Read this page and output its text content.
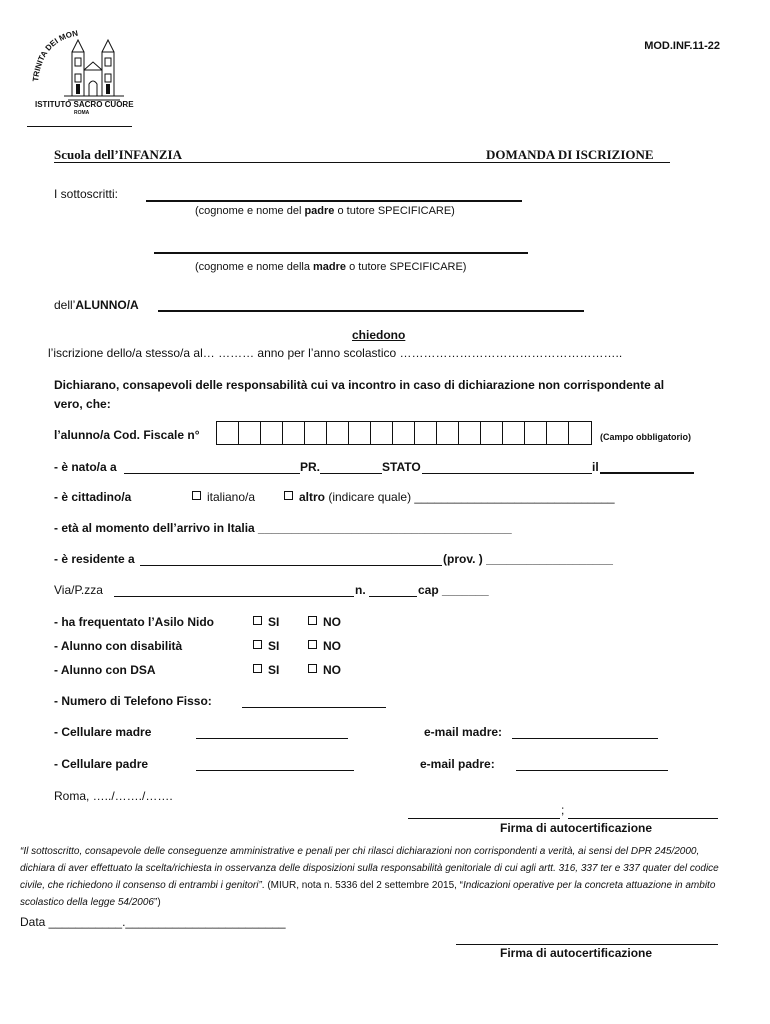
MOD.INF.11-22
TRINITA DEI MON
ISTITUTO SACRO CUORE
ROMA
Scuola dell’INFANZIA	DOMANDA DI ISCRIZIONE
I sottoscritti:
(cognome e nome del padre o tutore SPECIFICARE)
(cognome e nome della madre o tutore SPECIFICARE)
dell’ALUNNO/A
chiedono
l’iscrizione dello/a stesso/a al… ……… anno per l’anno scolastico ………………………………………………..
Dichiarano, consapevoli delle responsabilità cui va incontro in caso di dichiarazione non corrispondente al
vero, che:
l’alunno/a Cod. Fiscale n°	(Campo obbligatorio)
- è nato/a a	PR.	STATO	il
- è cittadino/a	italiano/a	altro (indicare quale) ______________________________
- età al momento dell’arrivo in Italia ______________________________________
- è residente a	(prov. ) ___________________
Via/P.zza	n.	cap _______
- ha frequentato l’Asilo Nido	SI	NO
- Alunno con disabilità	SI	NO
- Alunno con DSA	SI	NO
- Numero di Telefono Fisso:
- Cellulare madre	e-mail madre:
- Cellulare padre	e-mail padre:
Roma, …../……./…….
;
Firma di autocertificazione
“Il sottoscritto, consapevole delle conseguenze amministrative e penali per chi rilasci dichiarazioni non corrispondenti a verità, ai sensi del DPR 245/2000, dichiara di aver effettuato la scelta/richiesta in osservanza delle disposizioni sulla responsabilità genitoriale di cui agli artt. 316, 337 ter e 337 quater del codice civile, che richiedono il consenso di entrambi i genitori”. (MIUR, nota n. 5336 del 2 settembre 2015, “Indicazioni operative per la concreta attuazione in ambito scolastico della legge 54/2006”)
Data ___________.________________________
Firma di autocertificazione
